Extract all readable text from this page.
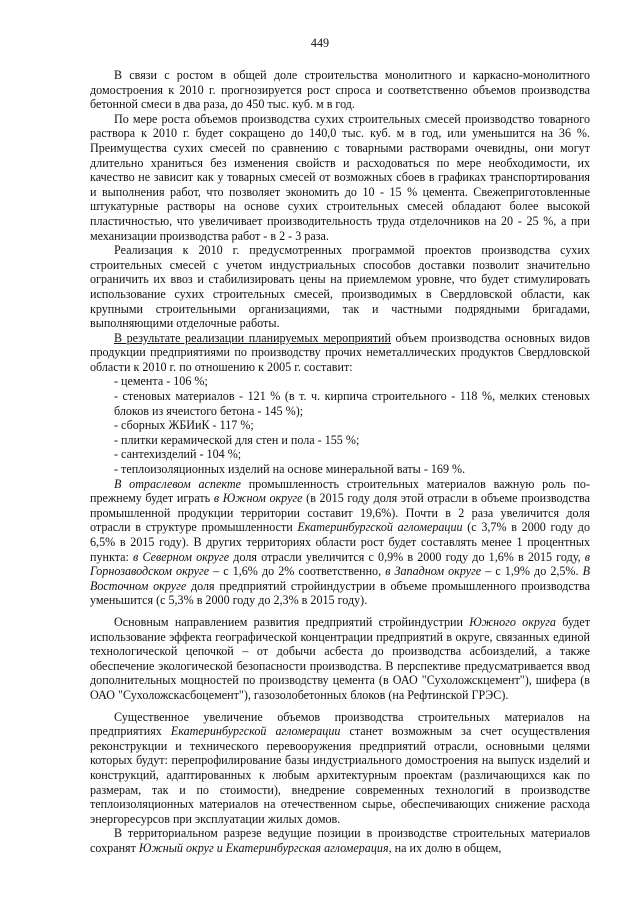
449

В связи с ростом в общей доле строительства монолитного и каркасно-монолитного домостроения к 2010 г. прогнозируется рост спроса и соответственно объемов производства бетонной смеси в два раза, до 450 тыс. куб. м в год.

По мере роста объемов производства сухих строительных смесей производство товарного раствора к 2010 г. будет сокращено до 140,0 тыс. куб. м в год, или уменьшится на 36 %. Преимущества сухих смесей по сравнению с товарными растворами очевидны, они могут длительно храниться без изменения свойств и расходоваться по мере необходимости, их качество не зависит как у товарных смесей от возможных сбоев в графиках транспортирования и выполнения работ, что позволяет экономить до 10 - 15 % цемента. Свежеприготовленные штукатурные растворы на основе сухих строительных смесей обладают более высокой пластичностью, что увеличивает производительность труда отделочников на 20 - 25 %, а при механизации производства работ - в 2 - 3 раза.

Реализация к 2010 г. предусмотренных программой проектов производства сухих строительных смесей с учетом индустриальных способов доставки позволит значительно ограничить их ввоз и стабилизировать цены на приемлемом уровне, что будет стимулировать использование сухих строительных смесей, производимых в Свердловской области, как крупными строительными организациями, так и частными подрядными бригадами, выполняющими отделочные работы.

В результате реализации планируемых мероприятий объем производства основных видов продукции предприятиями по производству прочих неметаллических продуктов Свердловской области к 2010 г. по отношению к 2005 г. составит:

- цемента - 106 %;

- стеновых материалов - 121 % (в т. ч. кирпича строительного - 118 %, мелких стеновых блоков из ячеистого бетона - 145 %);

- сборных ЖБИиК - 117 %;

- плитки керамической для стен и пола - 155 %;

- сантехизделий - 104 %;

- теплоизоляционных изделий на основе минеральной ваты - 169 %.

В отраслевом аспекте промышленность строительных материалов важную роль по-прежнему будет играть в Южном округе (в 2015 году доля этой отрасли в объеме производства промышленной продукции территории составит 19,6%). Почти в 2 раза увеличится доля отрасли в структуре промышленности Екатеринбургской агломерации (с 3,7% в 2000 году до 6,5% в 2015 году). В других территориях области рост будет составлять менее 1 процентных пункта: в Северном округе доля отрасли увеличится с 0,9% в 2000 году до 1,6% в 2015 году, в Горнозаводском округе – с 1,6% до 2% соответственно, в Западном округе – с 1,9% до 2,5%. В Восточном округе доля предприятий стройиндустрии в объеме промышленного производства уменьшится (с 5,3% в 2000 году до 2,3% в 2015 году).

Основным направлением развития предприятий стройиндустрии Южного округа будет использование эффекта географической концентрации предприятий в округе, связанных единой технологической цепочкой – от добычи асбеста до производства асбоизделий, а также обеспечение экологической безопасности производства. В перспективе предусматривается ввод дополнительных мощностей по производству цемента (в ОАО "Сухоложскцемент"), шифера (в ОАО "Сухоложскасбоцемент"), газозолобетонных блоков (на Рефтинской ГРЭС).

Существенное увеличение объемов производства строительных материалов на предприятиях Екатеринбургской агломерации станет возможным за счет осуществления реконструкции и технического перевооружения предприятий отрасли, основными целями которых будут: перепрофилирование базы индустриального домостроения на выпуск изделий и конструкций, адаптированных к любым архитектурным проектам (различающихся как по размерам, так и по стоимости), внедрение современных технологий в производстве теплоизоляционных материалов на отечественном сырье, обеспечивающих снижение расхода энергоресурсов при эксплуатации жилых домов.

В территориальном разрезе ведущие позиции в производстве строительных материалов сохранят Южный округ и Екатеринбургская агломерация, на их долю в общем,
